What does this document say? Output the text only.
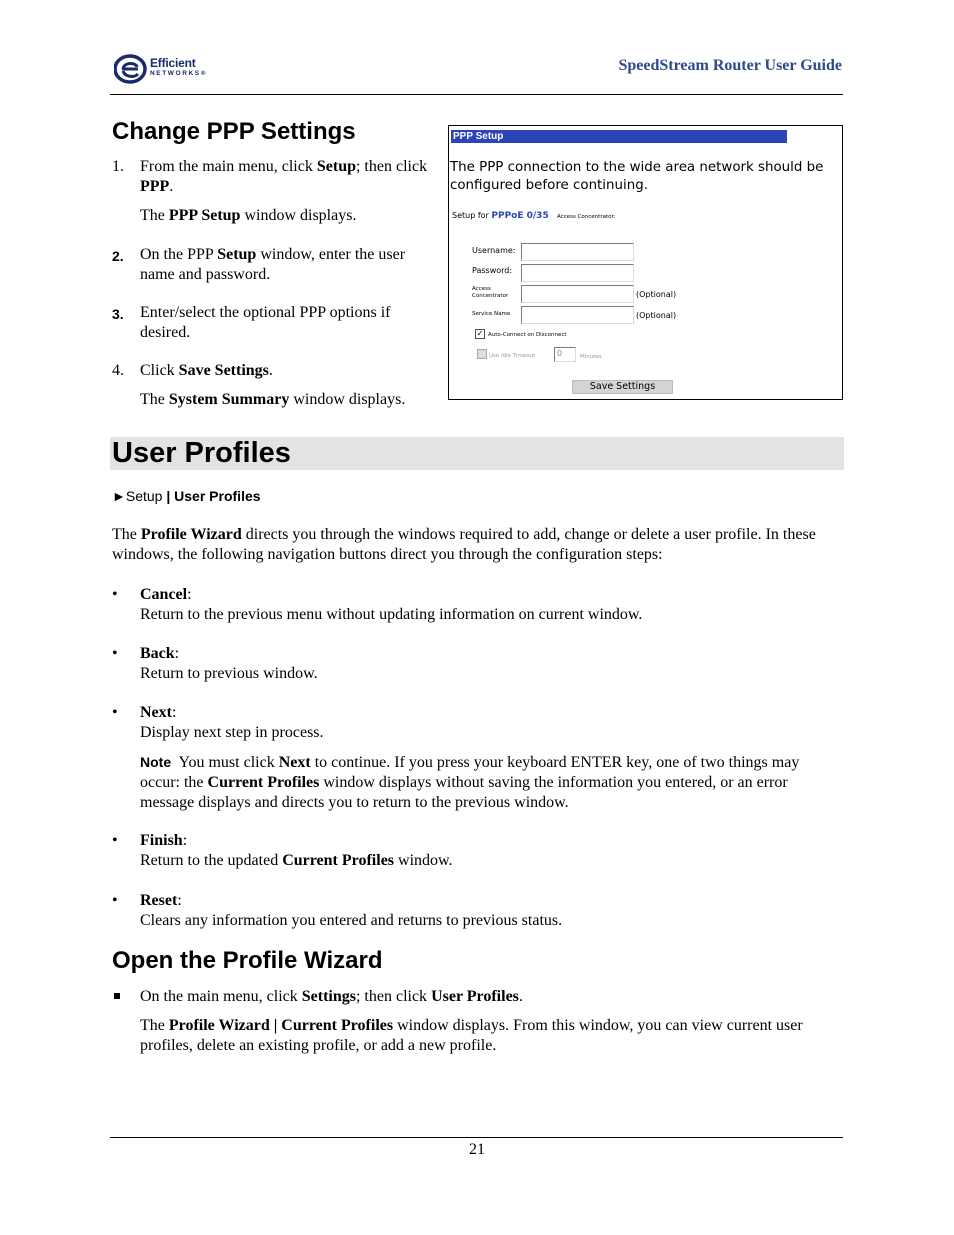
Efficient
NETWORKS®	SpeedStream Router User Guide
Change PPP Settings
1.	From the main menu, click Setup; then click PPP.
The PPP Setup window displays.
2.	On the PPP Setup window, enter the user name and password.
3.	Enter/select the optional PPP options if desired.
4.	Click Save Settings.
The System Summary window displays.
PPP Setup
The PPP connection to the wide area network should be configured before continuing.
Setup for PPPoE 0/35 Access Concentrator:
Username:
Password:
Access
Concentrator	(Optional)
Service Name	(Optional)
✓ Auto-Connect on Disconnect
Use Idle Timeout	0	Minutes
Save Settings
User Profiles
►Setup | User Profiles
The Profile Wizard directs you through the windows required to add, change or delete a user profile. In these windows, the following navigation buttons direct you through the configuration steps:
•	Cancel:
Return to the previous menu without updating information on current window.
•	Back:
Return to previous window.
•	Next:
Display next step in process.
Note You must click Next to continue. If you press your keyboard ENTER key, one of two things may occur: the Current Profiles window displays without saving the information you entered, or an error message displays and directs you to return to the previous window.
•	Finish:
Return to the updated Current Profiles window.
•	Reset:
Clears any information you entered and returns to previous status.
Open the Profile Wizard
On the main menu, click Settings; then click User Profiles.
The Profile Wizard | Current Profiles window displays. From this window, you can view current user profiles, delete an existing profile, or add a new profile.
21
